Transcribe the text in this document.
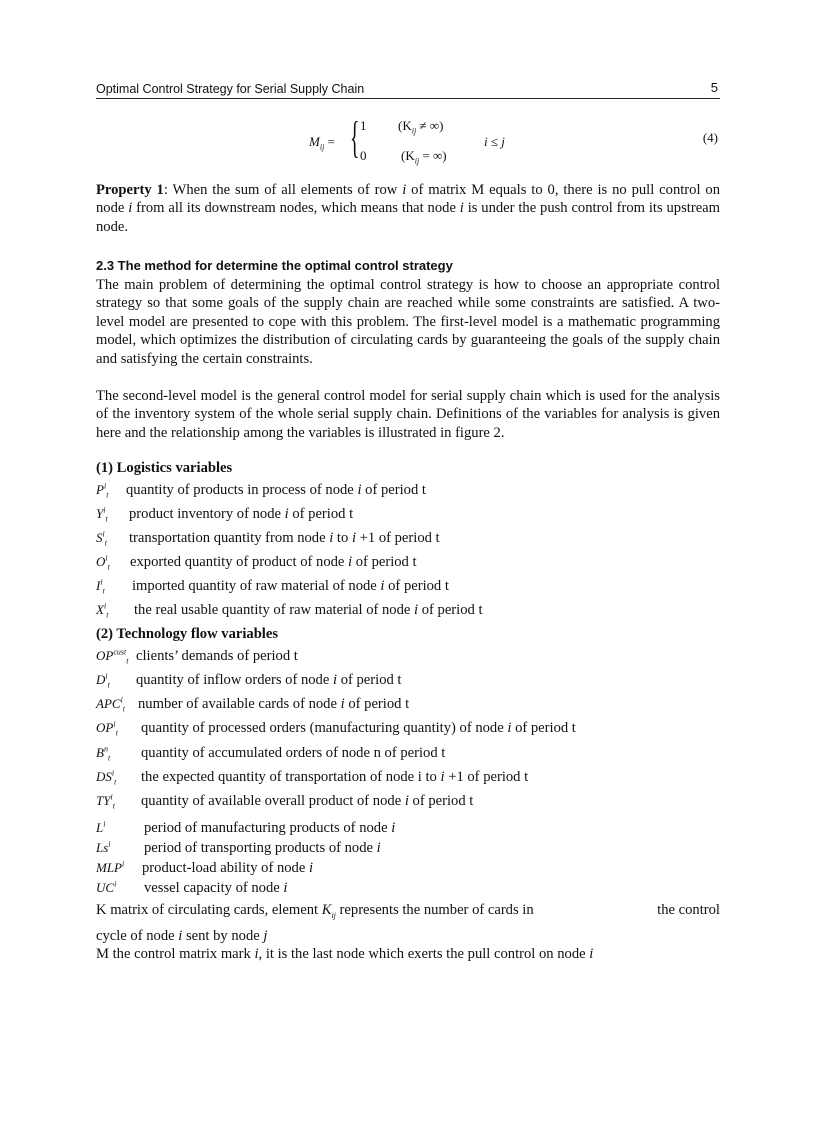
Optimal Control Strategy for Serial Supply Chain	5
$M_{ij}$ = { 1 ($K_{ij}$ ≠ ∞)
0	($K_{ij}$ = ∞)
i ≤ j	(4)
Property 1: When the sum of all elements of row i of matrix M equals to 0, there is no pull control on node i from all its downstream nodes, which means that node i is under the push control from its upstream node.
2.3 The method for determine the optimal control strategy
The main problem of determining the optimal control strategy is how to choose an appropriate control strategy so that some goals of the supply chain are reached while some constraints are satisfied. A two-level model are presented to cope with this problem. The first-level model is a mathematic programming model, which optimizes the distribution of circulating cards by guaranteeing the goals of the supply chain and satisfying the certain constraints.
The second-level model is the general control model for serial supply chain which is used for the analysis of the inventory system of the whole serial supply chain. Definitions of the variables for analysis is given here and the relationship among the variables is illustrated in figure 2.
(1) Logistics variables
$P^i_t$ quantity of products in process of node i of period t
$Y^i_t$ product inventory of node i of period t
$S^i_t$ transportation quantity from node i to i +1 of period t
$O^i_t$ exported quantity of product of node i of period t
$I^i_t$ imported quantity of raw material of node i of period t
$X^i_t$ the real usable quantity of raw material of node i of period t
(2) Technology flow variables
$OP^{cust}_t$ clients’ demands of period t
$D^i_t$ quantity of inflow orders of node i of period t
$APC^i_t$ number of available cards of node i of period t
$OP^i_t$ quantity of processed orders (manufacturing quantity) of node i of period t
$B^n_t$ quantity of accumulated orders of node n of period t
$DS^i_t$ the expected quantity of transportation of node i to i +1 of period t
$TY^i_t$ quantity of available overall product of node i of period t
$L^i$	period of manufacturing products of node i
Ls$^i$ period of transporting products of node i
MLP$^i$ product-load ability of node i
$UC^i$ vessel capacity of node i
K matrix of circulating cards, element $K_{ij}$ represents the number of cards in	the control
cycle of node i sent by node j
M the control matrix mark i, it is the last node which exerts the pull control on node i
